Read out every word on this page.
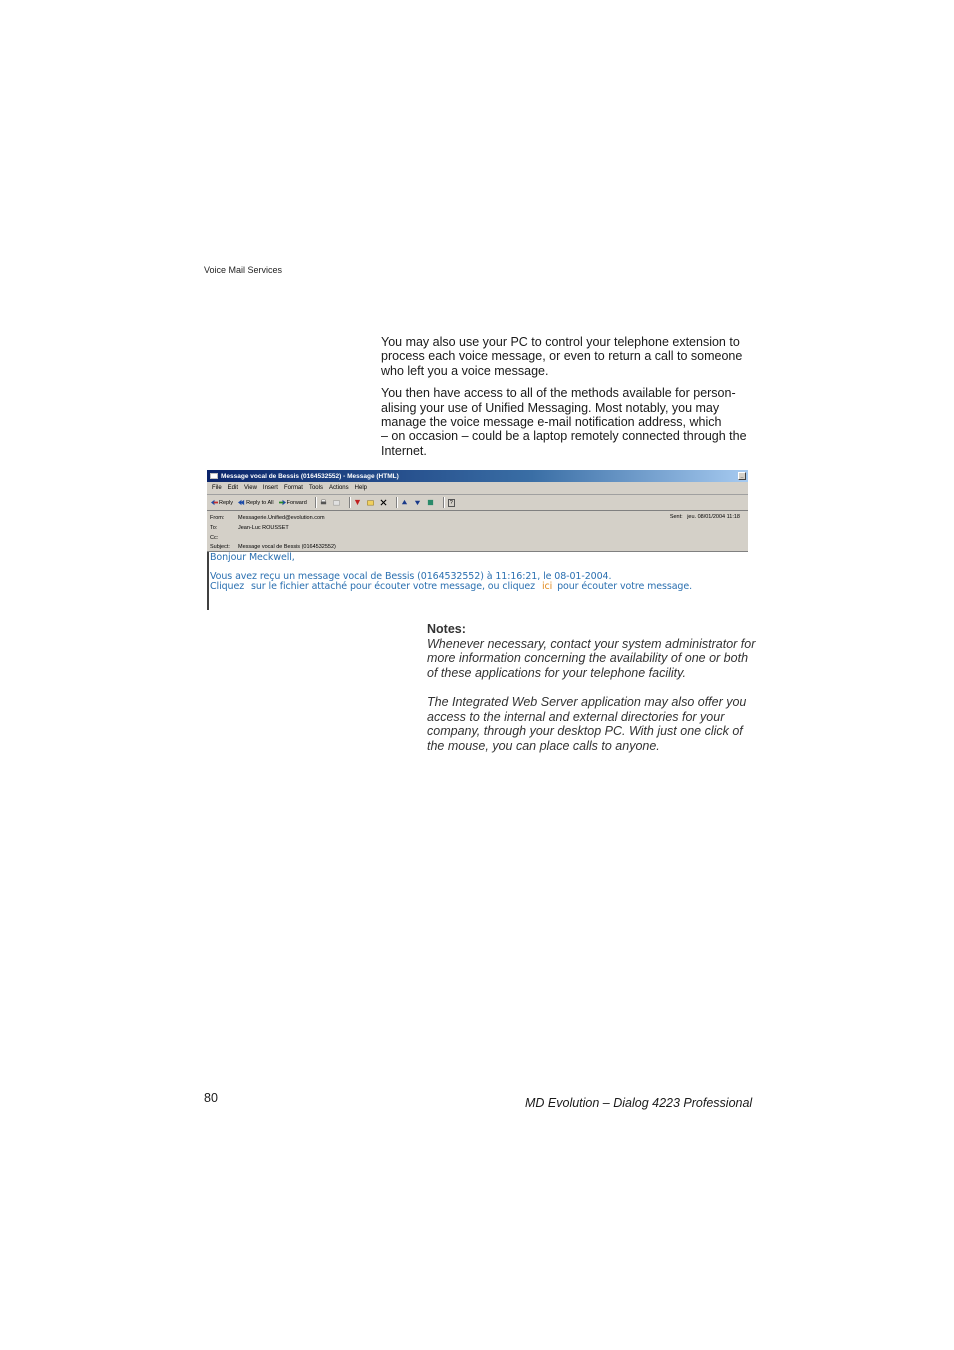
Voice Mail Services

You may also use your PC to control your telephone extension to
process each voice message, or even to return a call to someone
who left you a voice message.

You then have access to all of the methods available for person-
alising your use of Unified Messaging. Most notably, you may
manage the voice message e-mail notification address, which
– on occasion – could be a laptop remotely connected through the
Internet.

Message vocal de Bessis (0164532552) - Message (HTML)	_
File Edit View Insert Format Tools Actions Help
Reply Reply to All Forward	?
From:	Messagerie.Unified@evolution.com
To:	Jean-Luc ROUSSET
Cc:
Subject:	Message vocal de Bessis (0164532552)
Sent: jeu. 08/01/2004 11:18
Bonjour Meckwell,
Vous avez reçu un message vocal de Bessis (0164532552) à 11:16:21, le 08-01-2004.
Cliquez sur le fichier attaché pour écouter votre message, ou cliquez ici pour écouter votre message.
Notes:

Whenever necessary, contact your system administrator for
more information concerning the availability of one or both
of these applications for your telephone facility.

The Integrated Web Server application may also offer you
access to the internal and external directories for your
company, through your desktop PC. With just one click of
the mouse, you can place calls to anyone.

80	MD Evolution – Dialog 4223 Professional
